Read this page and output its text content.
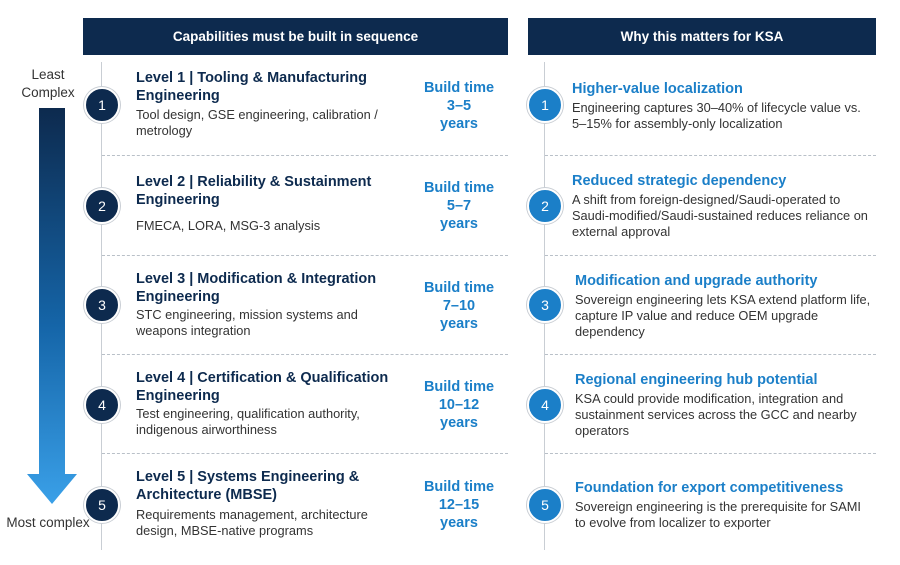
Capabilities must be built in sequence	Why this matters for KSA
Least Complex
Most complex
1
Level 1 | Tooling & Manufacturing Engineering
Tool design, GSE engineering, calibration / metrology
Build time
3–5
years
2
Level 2 | Reliability & Sustainment Engineering
FMECA, LORA, MSG-3 analysis
Build time
5–7
years
3
Level 3 | Modification & Integration Engineering
STC engineering, mission systems and weapons integration
Build time
7–10
years
4
Level 4 | Certification & Qualification Engineering
Test engineering, qualification authority, indigenous airworthiness
Build time
10–12
years
5
Level 5 | Systems Engineering & Architecture (MBSE)
Requirements management, architecture design, MBSE-native programs
Build time
12–15
years
1
Higher-value localization
Engineering captures 30–40% of lifecycle value vs. 5–15% for assembly-only localization
2
Reduced strategic dependency
A shift from foreign-designed/Saudi-operated to Saudi-modified/Saudi-sustained reduces reliance on external approval
3
Modification and upgrade authority
Sovereign engineering lets KSA extend platform life, capture IP value and reduce OEM upgrade dependency
4
Regional engineering hub potential
KSA could provide modification, integration and sustainment services across the GCC and nearby operators
5
Foundation for export competitiveness
Sovereign engineering is the prerequisite for SAMI to evolve from localizer to exporter
